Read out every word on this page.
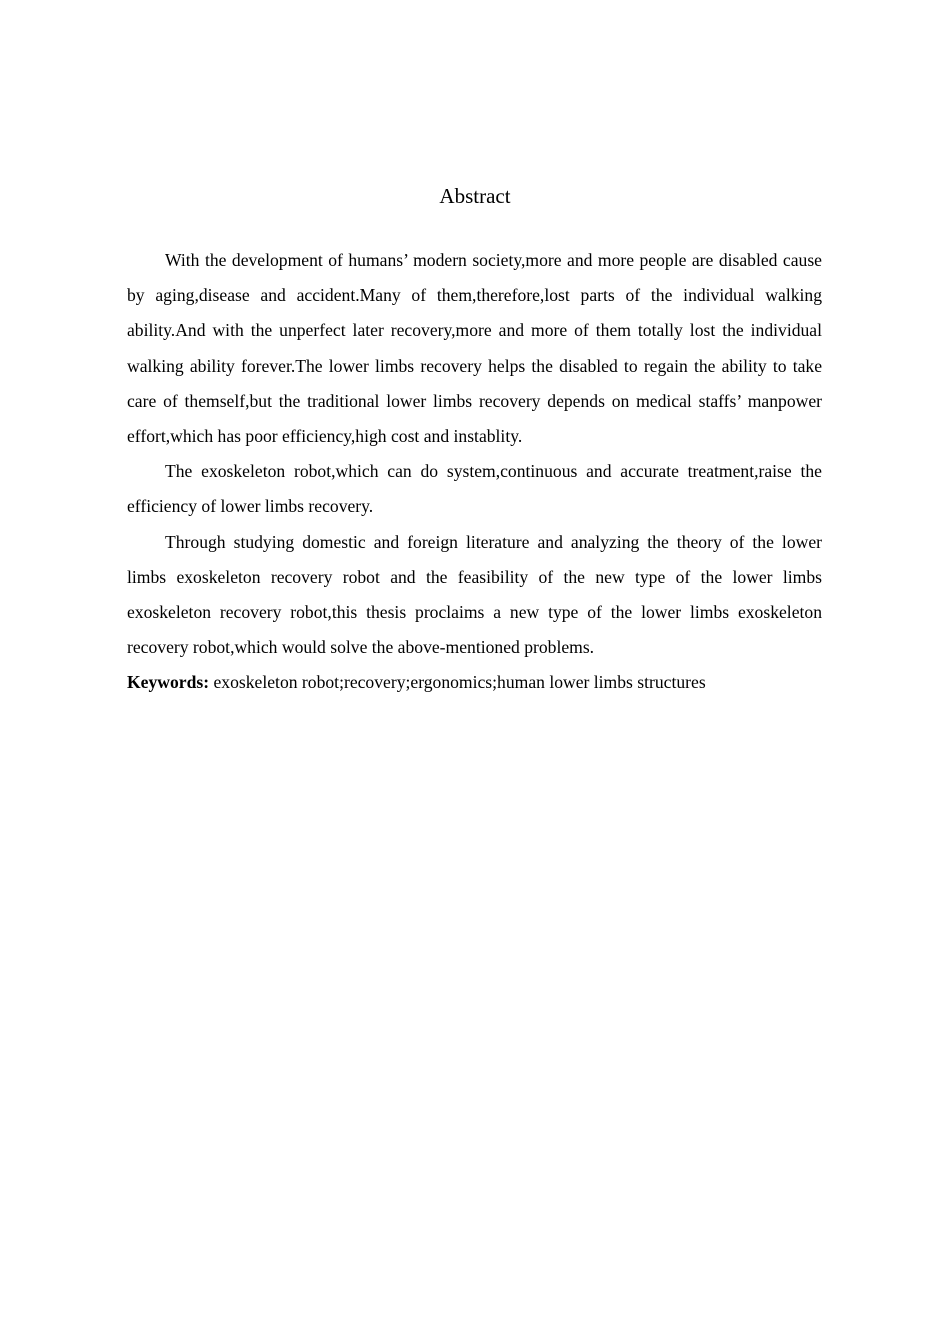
Abstract

With the development of humans’ modern society,more and more people are disabled cause by aging,disease and accident.Many of them,therefore,lost parts of the individual walking ability.And with the unperfect later recovery,more and more of them totally lost the individual walking ability forever.The lower limbs recovery helps the disabled to regain the ability to take care of themself,but the traditional lower limbs recovery depends on medical staffs’ manpower effort,which has poor efficiency,high cost and instablity.

The exoskeleton robot,which can do system,continuous and accurate treatment,raise the efficiency of lower limbs recovery.

Through studying domestic and foreign literature and analyzing the theory of the lower limbs exoskeleton recovery robot and the feasibility of the new type of the lower limbs exoskeleton recovery robot,this thesis proclaims a new type of the lower limbs exoskeleton recovery robot,which would solve the above-mentioned problems.

Keywords: exoskeleton robot;recovery;ergonomics;human lower limbs structures
